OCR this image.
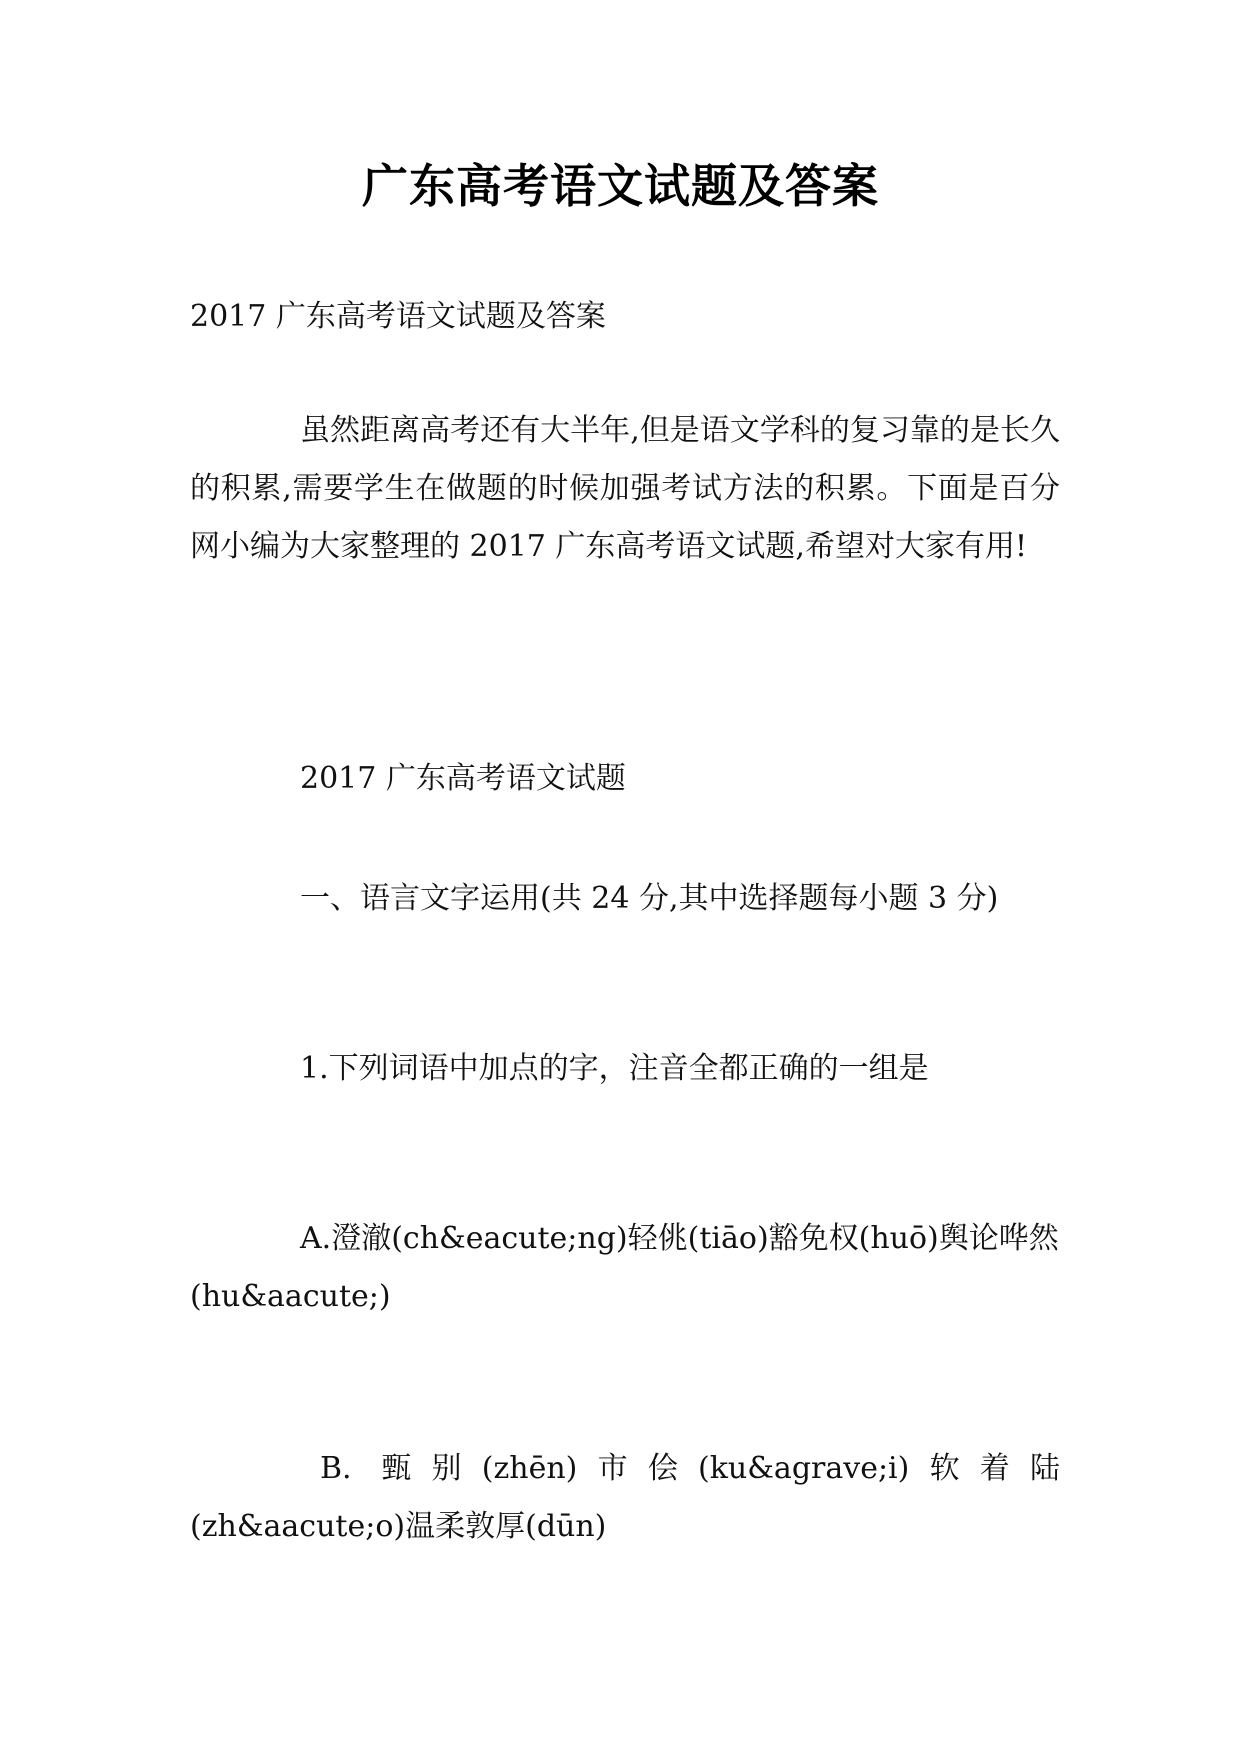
广东高考语文试题及答案

2017 广东高考语文试题及答案

虽然距离高考还有大半年,但是语文学科的复习靠的是长久的积累,需要学生在做题的时候加强考试方法的积累。下面是百分网小编为大家整理的 2017 广东高考语文试题,希望对大家有用!

2017 广东高考语文试题

一、语言文字运用(共 24 分,其中选择题每小题 3 分)

1.下列词语中加点的字，注音全都正确的一组是

A.澄澈(ch&eacute;ng)轻佻(tiāo)豁免权(huō)舆论哗然(hu&aacute;)

B. 甄别(zhēn)市侩(ku&agrave;i)软着陆(zh&aacute;o)温柔敦厚(dūn)
